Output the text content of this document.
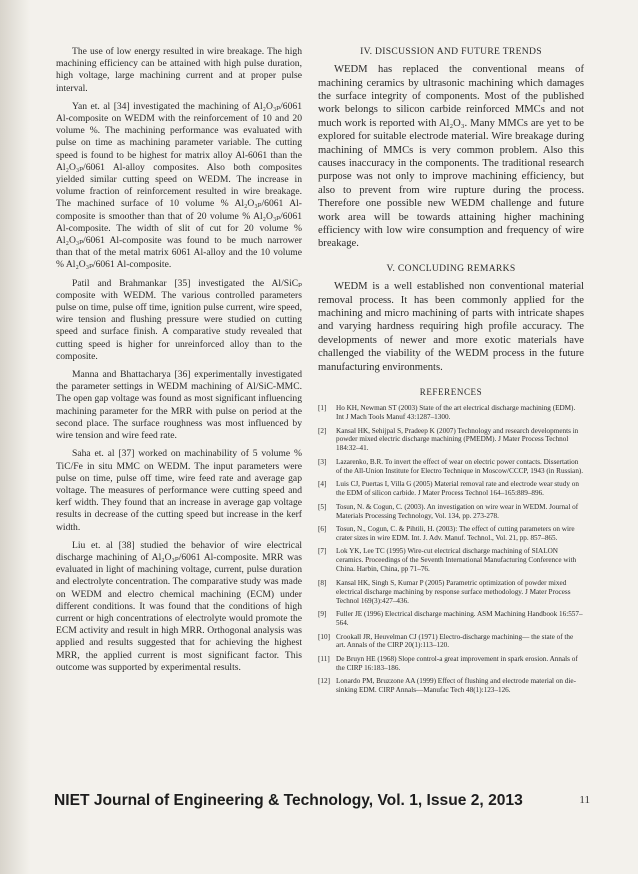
The use of low energy resulted in wire breakage. The high machining efficiency can be attained with high pulse duration, high voltage, large machining current and at proper pulse interval.

Yan et. al [34] investigated the machining of Al₂O₃ₚ/6061 Al-composite on WEDM with the reinforcement of 10 and 20 volume %. The machining performance was evaluated with pulse on time as machining parameter variable. The cutting speed is found to be highest for matrix alloy Al-6061 than the Al₂O₃ₚ/6061 Al-alloy composites. Also both composites yielded similar cutting speed on WEDM. The increase in volume fraction of reinforcement resulted in wire breakage. The machined surface of 10 volume % Al₂O₃ₚ/6061 Al- composite is smoother than that of 20 volume % Al₂O₃ₚ/6061 Al-composite. The width of slit of cut for 20 volume % Al₂O₃ₚ/6061 Al-composite was found to be much narrower than that of the metal matrix 6061 Al-alloy and the 10 volume % Al₂O₃ₚ/6061 Al-composite.

Patil and Brahmankar [35] investigated the Al/SiCₚ composite with WEDM. The various controlled parameters pulse on time, pulse off time, ignition pulse current, wire speed, wire tension and flushing pressure were studied on cutting speed and surface finish. A comparative study revealed that cutting speed is higher for unreinforced alloy than to the composite.

Manna and Bhattacharya [36] experimentally investigated the parameter settings in WEDM machining of Al/SiC-MMC. The open gap voltage was found as most significant influencing machining parameter for the MRR with pulse on period at the second place. The surface roughness was most influenced by wire tension and wire feed rate.

Saha et. al [37] worked on machinability of 5 volume % TiC/Fe in situ MMC on WEDM. The input parameters were pulse on time, pulse off time, wire feed rate and average gap voltage. The measures of performance were cutting speed and kerf width. They found that an increase in average gap voltage results in decrease of the cutting speed but increase in the kerf width.

Liu et. al [38] studied the behavior of wire electrical discharge machining of Al₂O₃ₚ/6061 Al-composite. MRR was evaluated in light of machining voltage, current, pulse duration and electrolyte concentration. The comparative study was made on WEDM and electro chemical machining (ECM) under different conditions. It was found that the conditions of high current or high concentrations of electrolyte would promote the ECM activity and result in high MRR. Orthogonal analysis was applied and results suggested that for achieving the highest MRR, the applied current is most significant factor. This outcome was supported by experimental results.

IV. DISCUSSION AND FUTURE TRENDS

WEDM has replaced the conventional means of machining ceramics by ultrasonic machining which damages the surface integrity of components. Most of the published work belongs to silicon carbide reinforced MMCs and not much work is reported with Al₂O₃. Many MMCs are yet to be explored for suitable electrode material. Wire breakage during machining of MMCs is very common problem. Also this causes inaccuracy in the components. The traditional research purpose was not only to improve machining efficiency, but also to prevent from wire rupture during the process. Therefore one possible new WEDM challenge and future work area will be towards attaining higher machining efficiency with low wire consumption and frequency of wire breakage.

V. CONCLUDING REMARKS

WEDM is a well established non conventional material removal process. It has been commonly applied for the machining and micro machining of parts with intricate shapes and varying hardness requiring high profile accuracy. The developments of newer and more exotic materials have challenged the viability of the WEDM process in the future manufacturing environments.

REFERENCES
[1]	Ho KH, Newman ST (2003) State of the art electrical discharge machining (EDM). Int J Mach Tools Manuf 43:1287–1300.
[2]	Kansal HK, Sehijpal S, Pradeep K (2007) Technology and research developments in powder mixed electric discharge machining (PMEDM). J Mater Process Technol 184:32–41.
[3]	Lazarenko, B.R. To invert the effect of wear on electric power contacts. Dissertation of the All-Union Institute for Electro Technique in Moscow/CCCP, 1943 (in Russian).
[4]	Luis CJ, Puertas I, Villa G (2005) Material removal rate and electrode wear study on the EDM of silicon carbide. J Mater Process Technol 164–165:889–896.
[5]	Tosun, N. & Cogun, C. (2003). An investigation on wire wear in WEDM. Journal of Materials Processing Technology, Vol. 134, pp. 273-278.
[6]	Tosun, N., Cogun, C. & Pihtili, H. (2003): The effect of cutting parameters on wire crater sizes in wire EDM. Int. J. Adv. Manuf. Technol., Vol. 21, pp. 857–865.
[7]	Lok YK, Lee TC (1995) Wire-cut electrical discharge machining of SIALON ceramics. Proceedings of the Seventh International Manufacturing Conference with China. Harbin, China, pp 71–76.
[8]	Kansal HK, Singh S, Kumar P (2005) Parametric optimization of powder mixed electrical discharge machining by response surface methodology. J Mater Process Technol 169(3):427–436.
[9]	Fuller JE (1996) Electrical discharge machining. ASM Machining Handbook 16:557–564.
[10] Crookall JR, Heuvelman CJ (1971) Electro-discharge machining— the state of the art. Annals of the CIRP 20(1):113–120.
[11] De Bruyn HE (1968) Slope control-a great improvement in spark erosion. Annals of the CIRP 16:183–186.
[12] Lonardo PM, Bruzzone AA (1999) Effect of flushing and electrode material on die-sinking EDM. CIRP Annals—Manufac Tech 48(1):123–126.
NIET Journal of Engineering & Technology, Vol. 1, Issue 2, 2013	11
